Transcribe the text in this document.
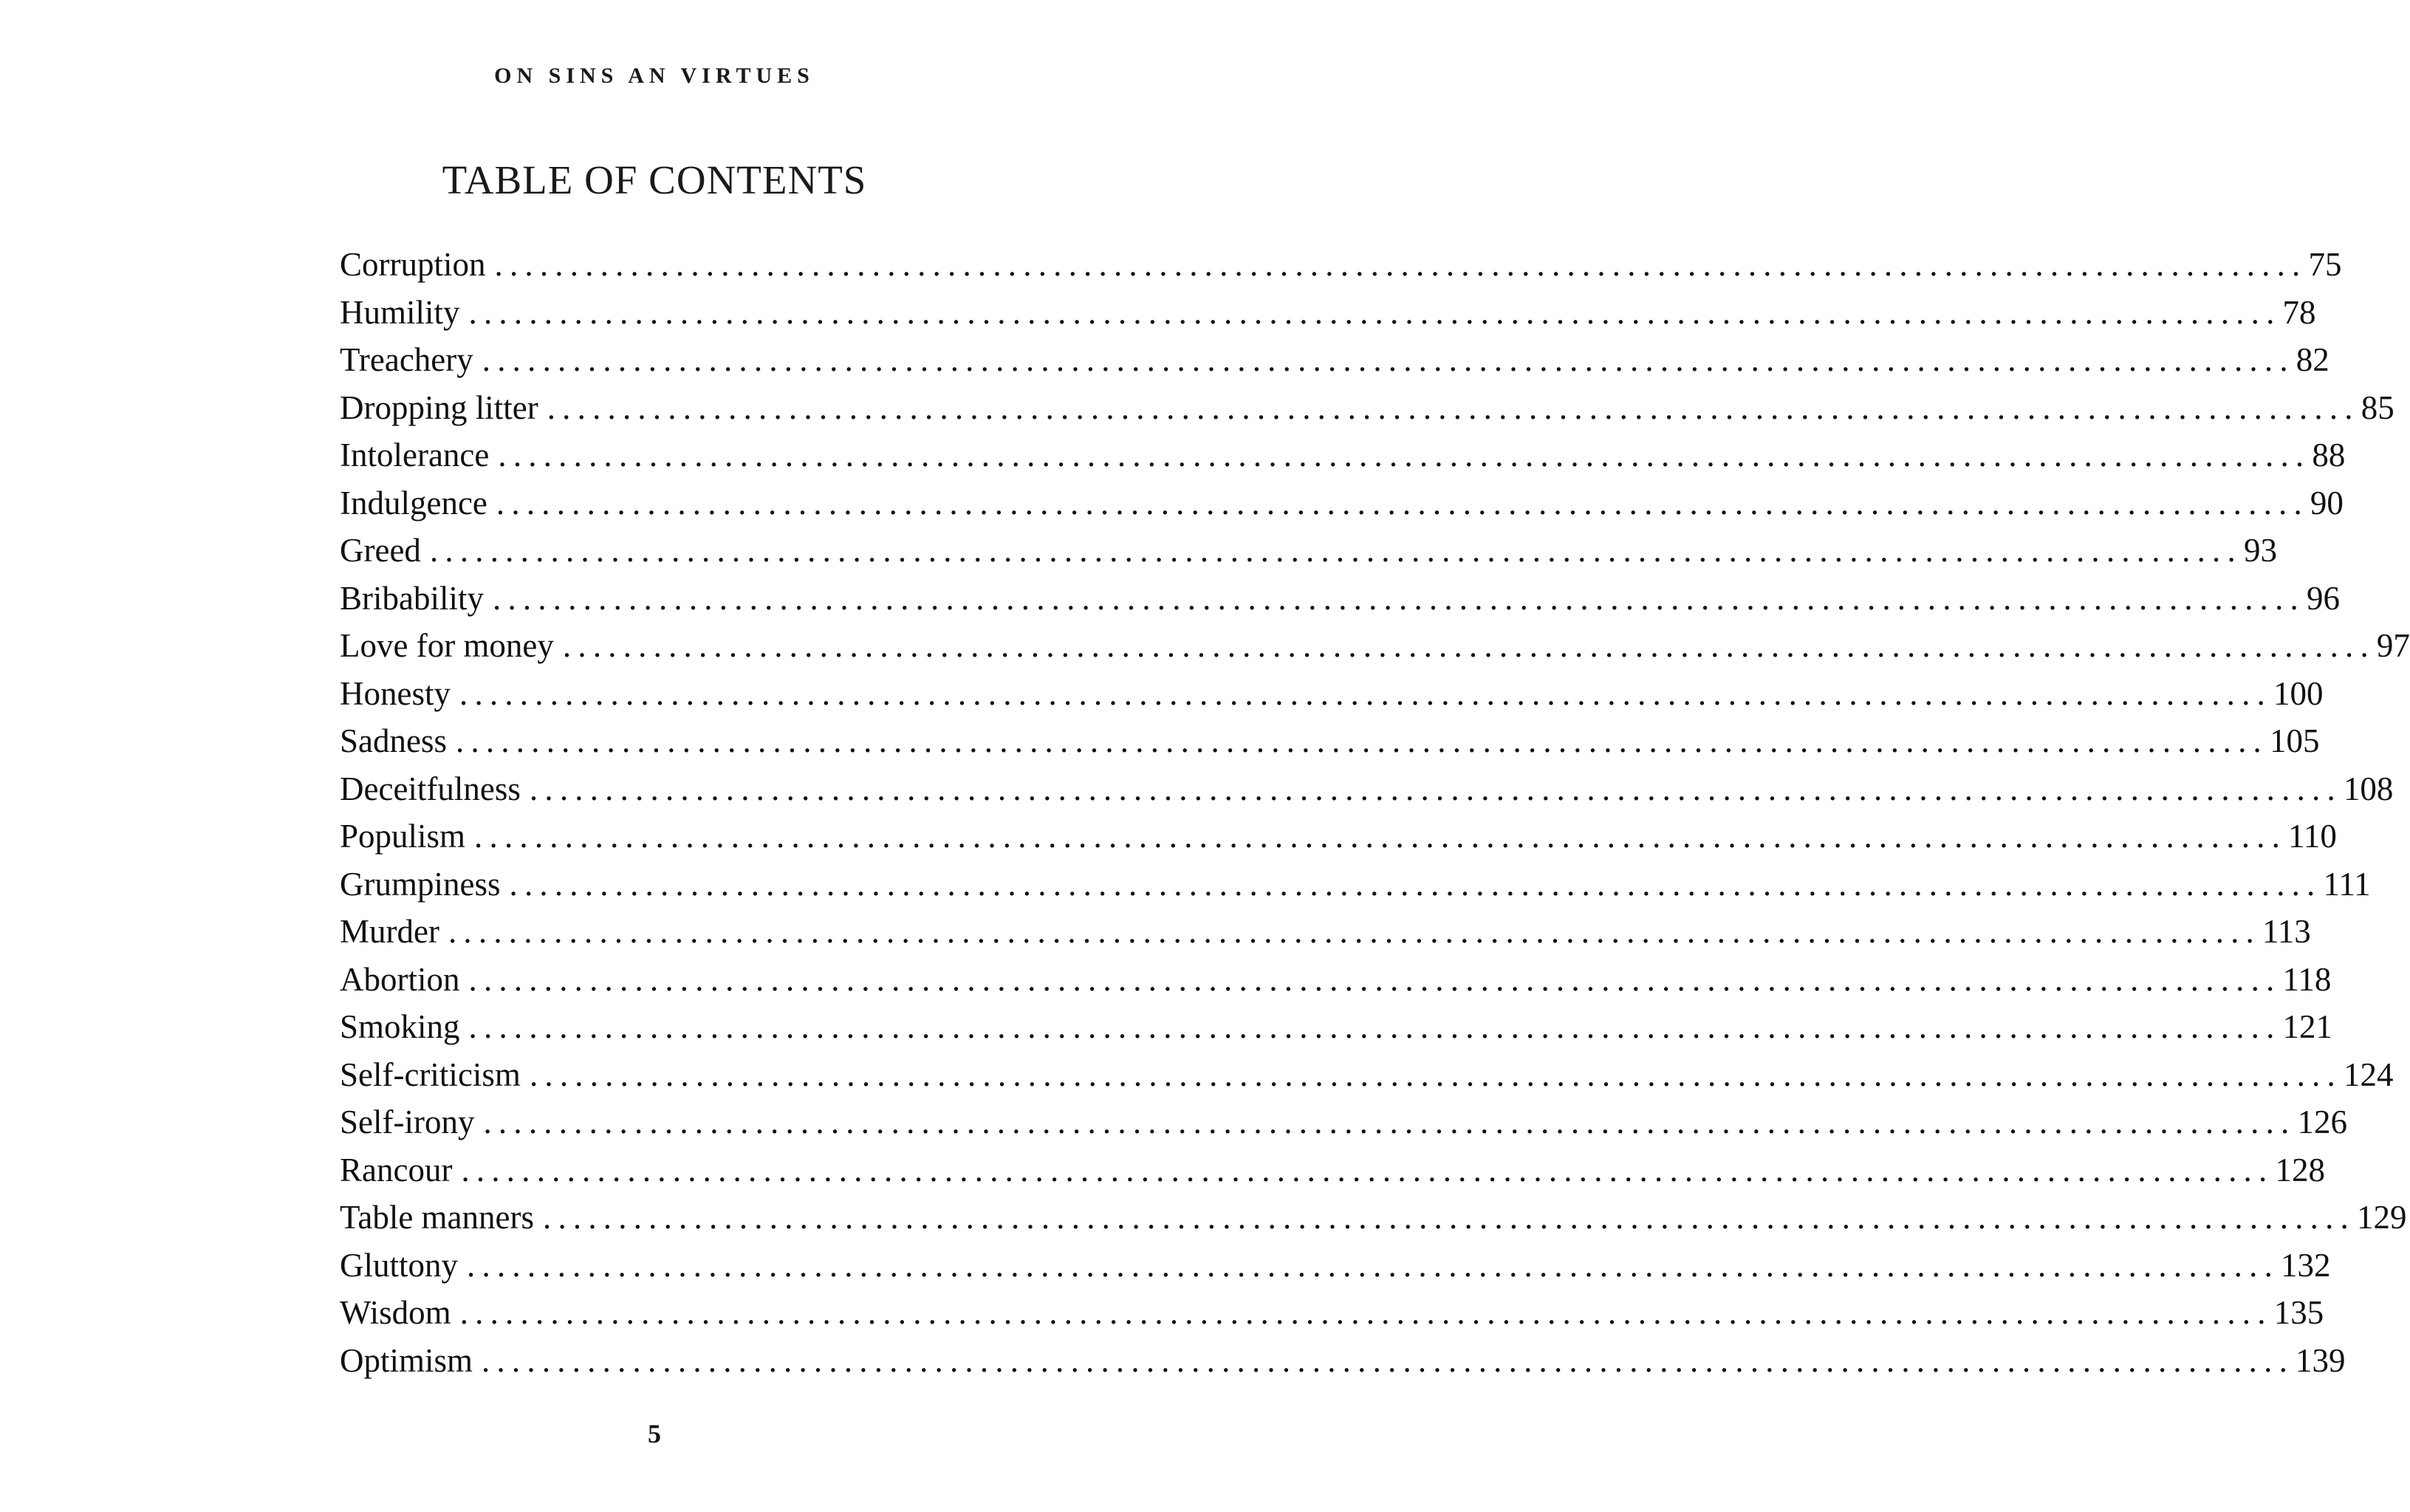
ON SINS AN VIRTUES
TABLE OF CONTENTS
Corruption ........................................................................................................................ 75
Humility ........................................................................................................................ 78
Treachery ........................................................................................................................ 82
Dropping litter ........................................................................................................................ 85
Intolerance ........................................................................................................................ 88
Indulgence ........................................................................................................................ 90
Greed ........................................................................................................................ 93
Bribability ........................................................................................................................ 96
Love for money ........................................................................................................................ 97
Honesty ........................................................................................................................ 100
Sadness ........................................................................................................................ 105
Deceitfulness ........................................................................................................................ 108
Populism ........................................................................................................................ 110
Grumpiness ........................................................................................................................ 111
Murder ........................................................................................................................ 113
Abortion ........................................................................................................................ 118
Smoking ........................................................................................................................ 121
Self-criticism ........................................................................................................................ 124
Self-irony ........................................................................................................................ 126
Rancour ........................................................................................................................ 128
Table manners ........................................................................................................................ 129
Gluttony ........................................................................................................................ 132
Wisdom ........................................................................................................................ 135
Optimism ........................................................................................................................ 139
5
